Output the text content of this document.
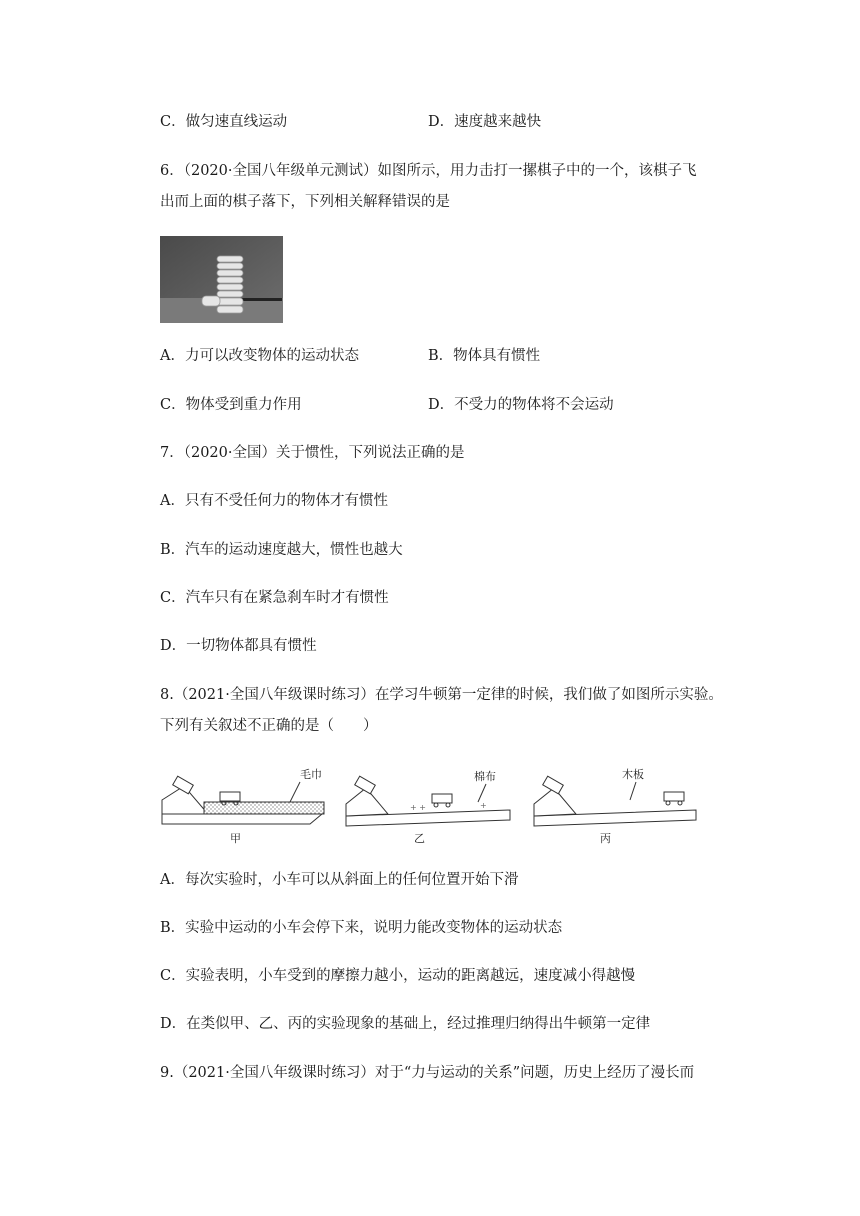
C．做匀速直线运动	D．速度越来越快
6．（2020·全国八年级单元测试）如图所示，用力击打一摞棋子中的一个，该棋子飞
出而上面的棋子落下，下列相关解释错误的是
A．力可以改变物体的运动状态	B．物体具有惯性
C．物体受到重力作用	D．不受力的物体将不会运动
7．（2020·全国）关于惯性，下列说法正确的是
A．只有不受任何力的物体才有惯性
B．汽车的运动速度越大，惯性也越大
C．汽车只有在紧急刹车时才有惯性
D．一切物体都具有惯性
8.（2021·全国八年级课时练习）在学习牛顿第一定律的时候，我们做了如图所示实验。
下列有关叙述不正确的是（　　）
毛巾
甲
+ +	+
棉布
乙
木板
丙
A．每次实验时，小车可以从斜面上的任何位置开始下滑
B．实验中运动的小车会停下来，说明力能改变物体的运动状态
C．实验表明，小车受到的摩擦力越小，运动的距离越远，速度减小得越慢
D．在类似甲、乙、丙的实验现象的基础上，经过推理归纳得出牛顿第一定律
9.（2021·全国八年级课时练习）对于“力与运动的关系”问题，历史上经历了漫长而
